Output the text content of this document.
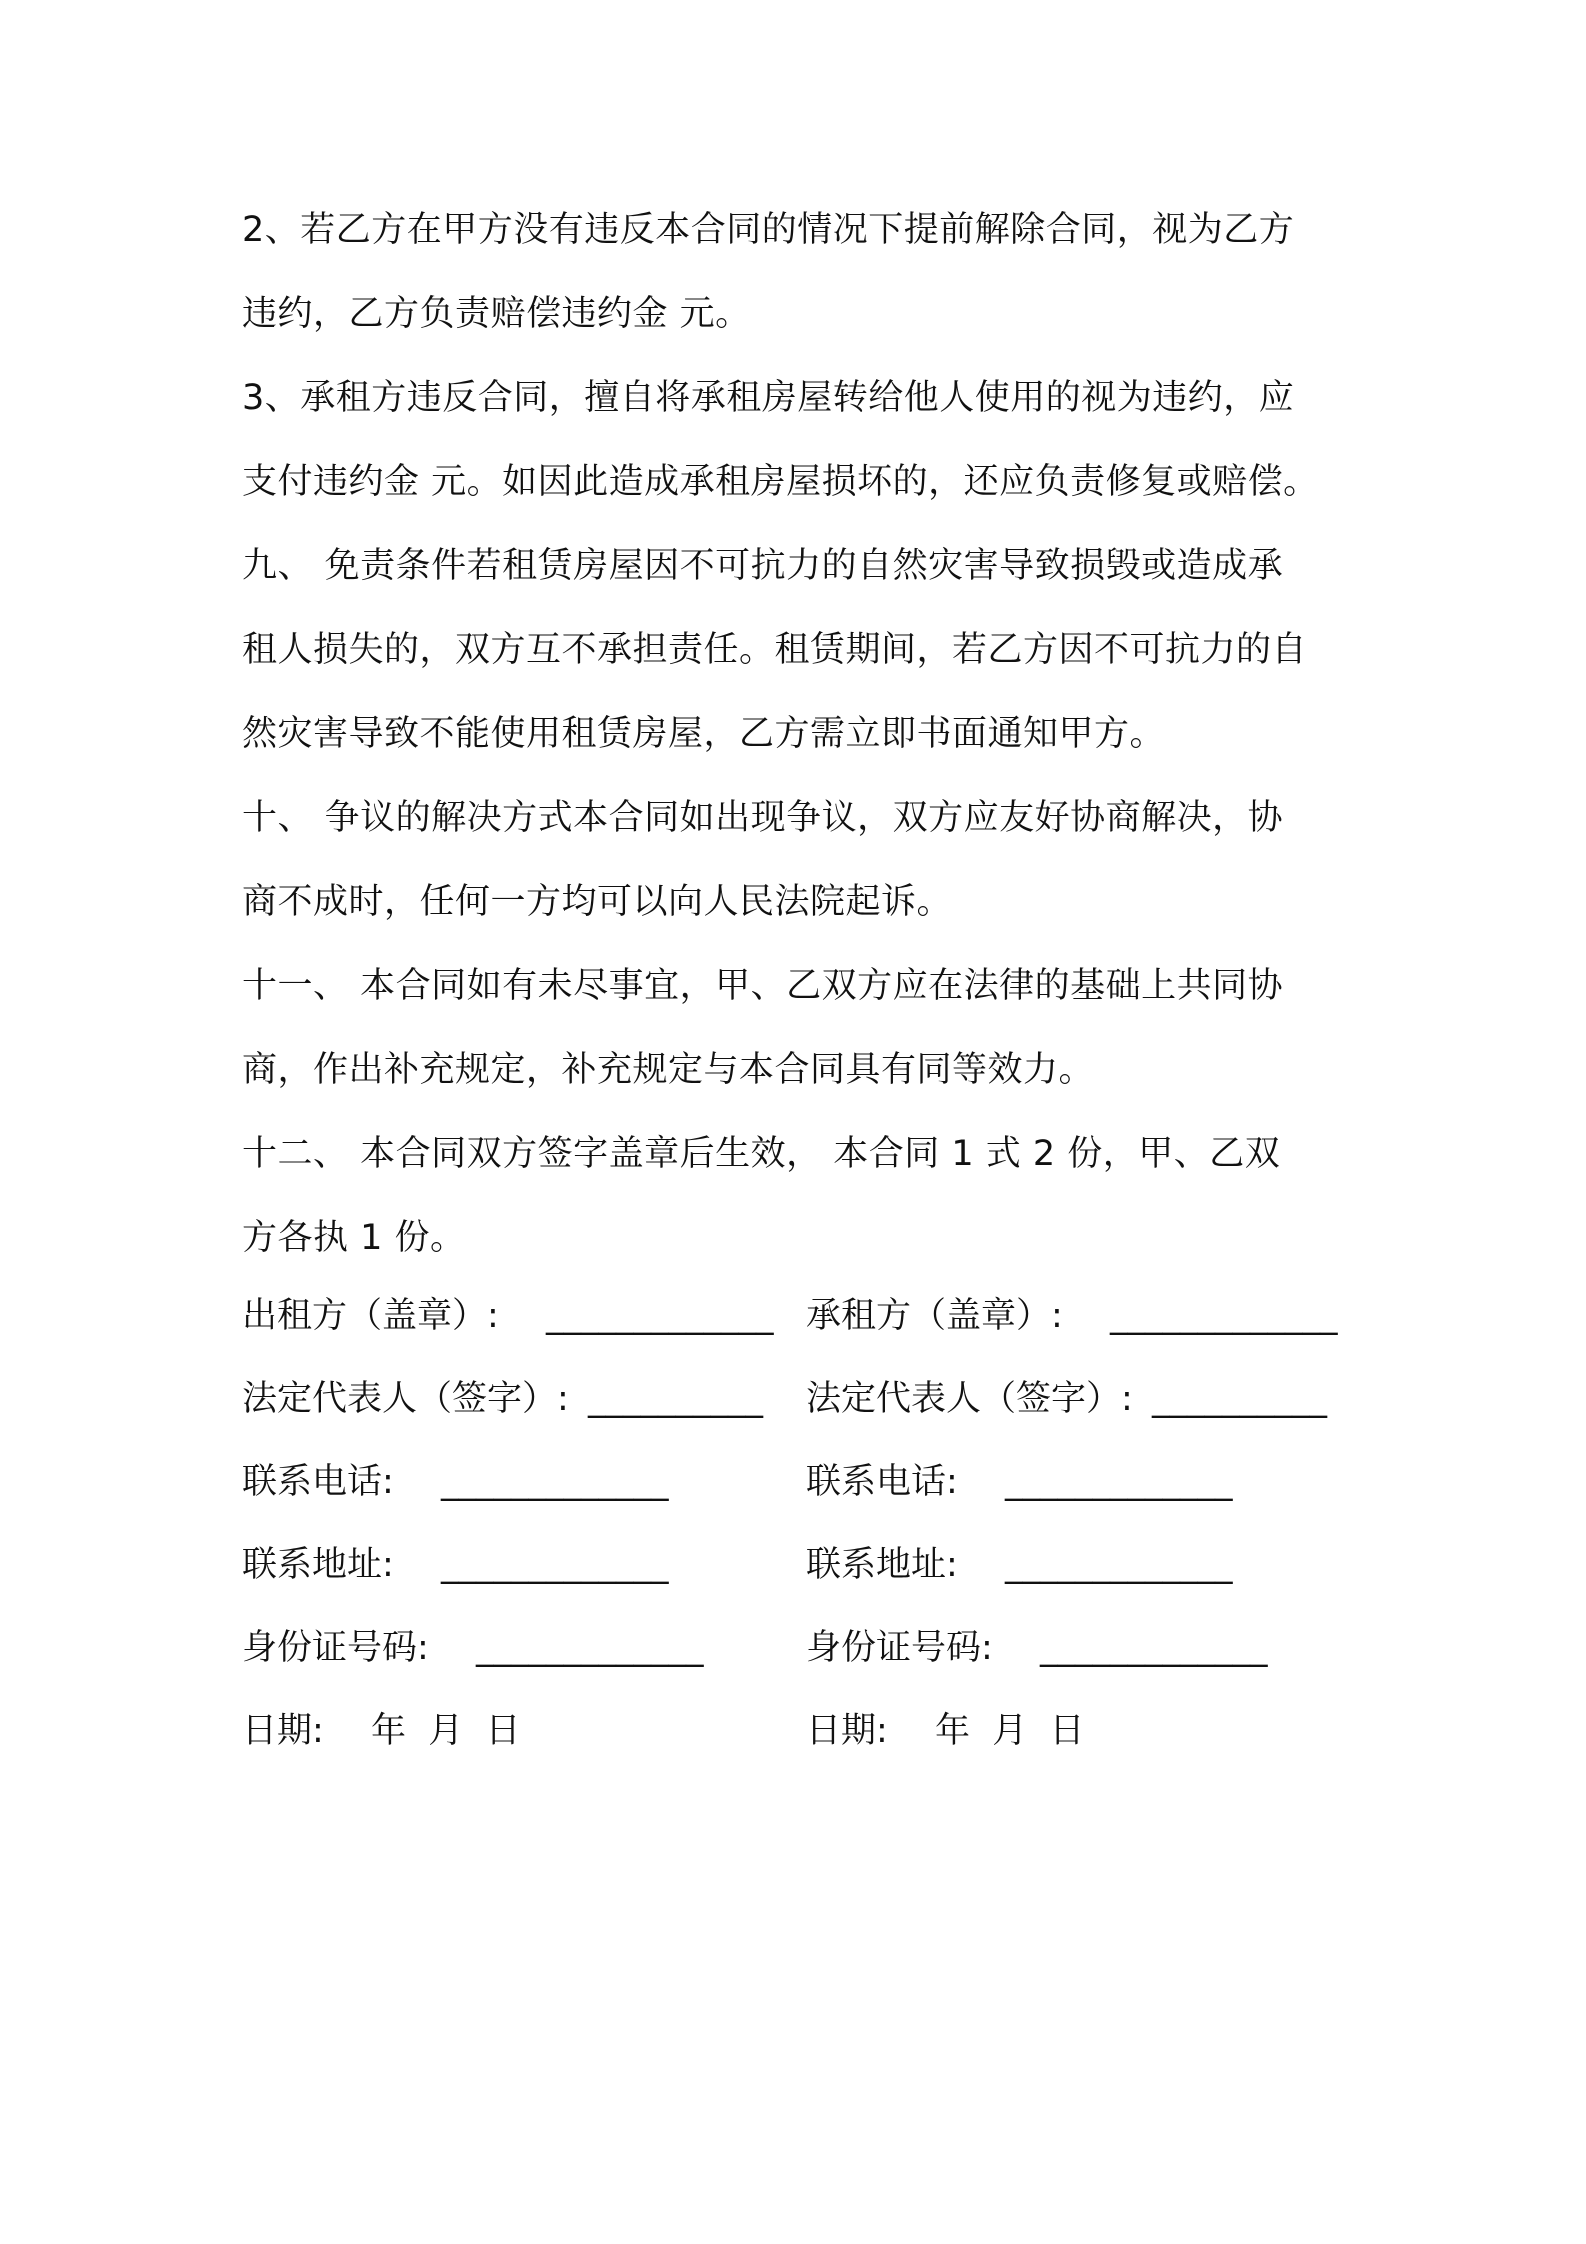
2、若乙方在甲方没有违反本合同的情况下提前解除合同，视为乙方
违约，乙方负责赔偿违约金 元。
3、承租方违反合同，擅自将承租房屋转给他人使用的视为违约，应
支付违约金 元。如因此造成承租房屋损坏的，还应负责修复或赔偿。
九、 免责条件若租赁房屋因不可抗力的自然灾害导致损毁或造成承
租人损失的，双方互不承担责任。租赁期间，若乙方因不可抗力的自
然灾害导致不能使用租赁房屋，乙方需立即书面通知甲方。
十、 争议的解决方式本合同如出现争议，双方应友好协商解决，协
商不成时，任何一方均可以向人民法院起诉。
十一、 本合同如有未尽事宜，甲、乙双方应在法律的基础上共同协
商，作出补充规定，补充规定与本合同具有同等效力。
十二、 本合同双方签字盖章后生效， 本合同 1 式 2 份，甲、乙双
方各执 1 份。
出租方（盖章）: _____________
法定代表人（签字）: __________
联系电话: _____________
联系地址: _____________
身份证号码: _____________
日期: 年  月  日
承租方（盖章）: _____________
法定代表人（签字）: __________
联系电话: _____________
联系地址: _____________
身份证号码: _____________
日期: 年  月  日
